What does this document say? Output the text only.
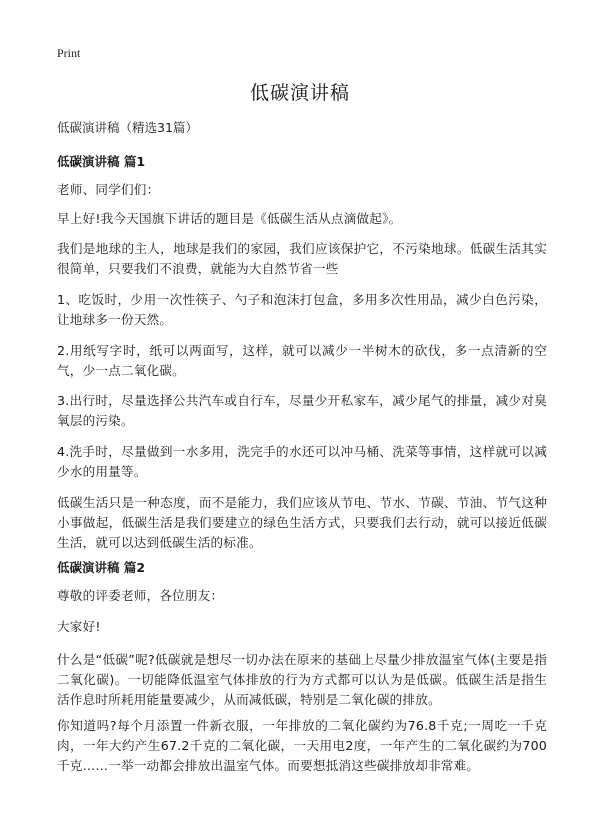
Print
低碳演讲稿
低碳演讲稿（精选31篇）
低碳演讲稿 篇1
老师、同学们们：
早上好!我今天国旗下讲话的题目是《低碳生活从点滴做起》。
我们是地球的主人，地球是我们的家园，我们应该保护它，不污染地球。低碳生活其实很简单，只要我们不浪费，就能为大自然节省一些
1、吃饭时，少用一次性筷子、勺子和泡沫打包盒，多用多次性用品，减少白色污染，让地球多一份天然。
2.用纸写字时，纸可以两面写，这样，就可以减少一半树木的砍伐，多一点清新的空气，少一点二氧化碳。
3.出行时，尽量选择公共汽车或自行车，尽量少开私家车，减少尾气的排量，减少对臭氧层的污染。
4.洗手时，尽量做到一水多用，洗完手的水还可以冲马桶、洗菜等事情，这样就可以减少水的用量等。
低碳生活只是一种态度，而不是能力，我们应该从节电、节水、节碳、节油、节气这种小事做起，低碳生活是我们要建立的绿色生活方式，只要我们去行动，就可以接近低碳生活，就可以达到低碳生活的标准。
低碳演讲稿 篇2
尊敬的评委老师，各位朋友：
大家好!
什么是“低碳”呢?低碳就是想尽一切办法在原来的基础上尽量少排放温室气体(主要是指二氧化碳)。一切能降低温室气体排放的行为方式都可以认为是低碳。低碳生活是指生活作息时所耗用能量要减少，从而减低碳，特别是二氧化碳的排放。
你知道吗?每个月添置一件新衣服，一年排放的二氧化碳约为76.8千克;一周吃一千克肉，一年大约产生67.2千克的二氧化碳，一天用电2度，一年产生的二氧化碳约为700千克……一举一动都会排放出温室气体。而要想抵消这些碳排放却非常难。
